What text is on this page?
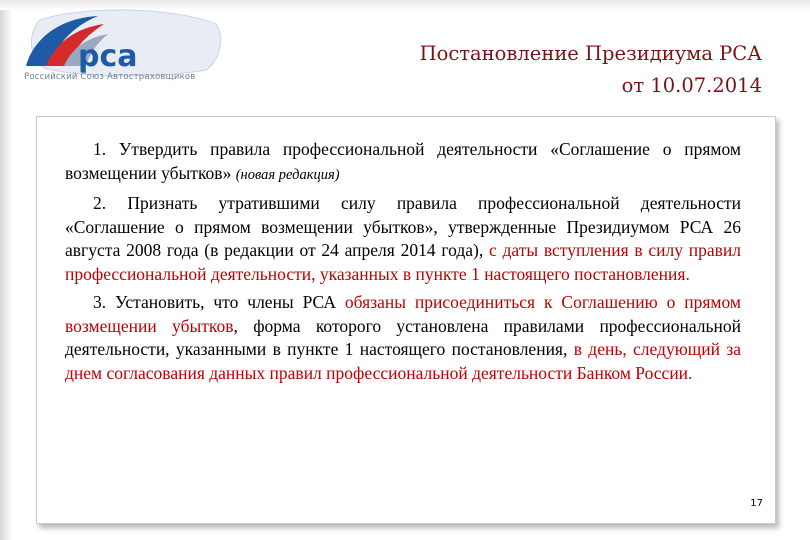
рса
Российский Союз Автостраховщиков
Постановление Президиума РСА
от 10.07.2014

1. Утвердить правила профессиональной деятельности «Соглашение о прямом возмещении убытков» (новая редакция)

2. Признать утратившими силу правила профессиональной деятельности «Соглашение о прямом возмещении убытков», утвержденные Президиумом РСА 26 августа 2008 года (в редакции от 24 апреля 2014 года), с даты вступления в силу правил профессиональной деятельности, указанных в пункте 1 настоящего постановления.

3. Установить, что члены РСА обязаны присоединиться к Соглашению о прямом возмещении убытков, форма которого установлена правилами профессиональной деятельности, указанными в пункте 1 настоящего постановления, в день, следующий за днем согласования данных правил профессиональной деятельности Банком России.

17
